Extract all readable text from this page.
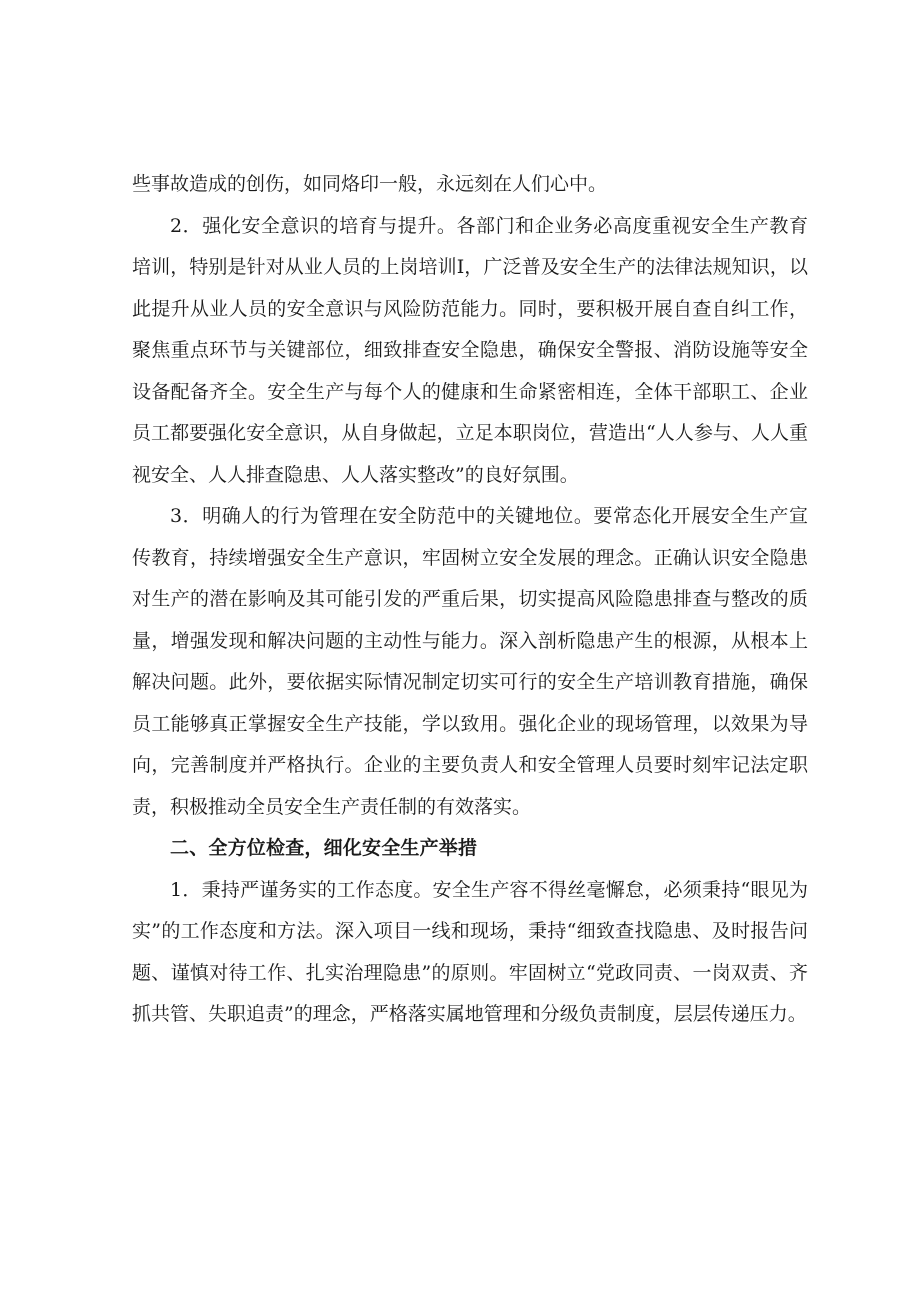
些事故造成的创伤，如同烙印一般，永远刻在人们心中。

2．强化安全意识的培育与提升。各部门和企业务必高度重视安全生产教育培训，特别是针对从业人员的上岗培训I，广泛普及安全生产的法律法规知识，以此提升从业人员的安全意识与风险防范能力。同时，要积极开展自查自纠工作，聚焦重点环节与关键部位，细致排查安全隐患，确保安全警报、消防设施等安全设备配备齐全。安全生产与每个人的健康和生命紧密相连，全体干部职工、企业员工都要强化安全意识，从自身做起，立足本职岗位，营造出“人人参与、人人重视安全、人人排查隐患、人人落实整改”的良好氛围。

3．明确人的行为管理在安全防范中的关键地位。要常态化开展安全生产宣传教育，持续增强安全生产意识，牢固树立安全发展的理念。正确认识安全隐患对生产的潜在影响及其可能引发的严重后果，切实提高风险隐患排查与整改的质量，增强发现和解决问题的主动性与能力。深入剖析隐患产生的根源，从根本上解决问题。此外，要依据实际情况制定切实可行的安全生产培训教育措施，确保员工能够真正掌握安全生产技能，学以致用。强化企业的现场管理，以效果为导向，完善制度并严格执行。企业的主要负责人和安全管理人员要时刻牢记法定职责，积极推动全员安全生产责任制的有效落实。

二、全方位检查，细化安全生产举措

1．秉持严谨务实的工作态度。安全生产容不得丝毫懈怠，必须秉持“眼见为实”的工作态度和方法。深入项目一线和现场，秉持“细致查找隐患、及时报告问题、谨慎对待工作、扎实治理隐患”的原则。牢固树立“党政同责、一岗双责、齐抓共管、失职追责”的理念，严格落实属地管理和分级负责制度，层层传递压力。
